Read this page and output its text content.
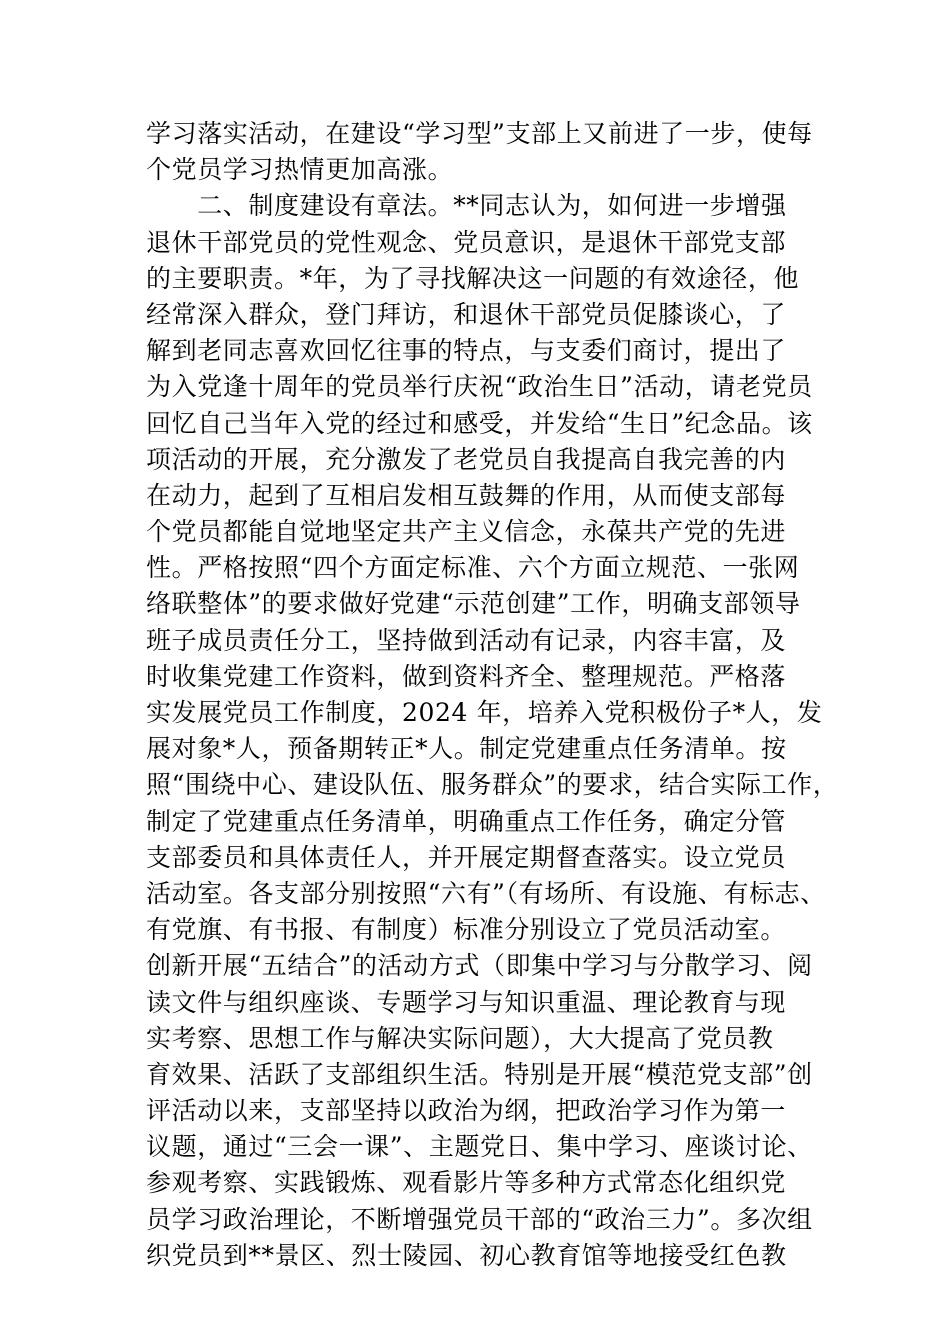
学习落实活动，在建设“学习型”支部上又前进了一步，使每
个党员学习热情更加高涨。
　　二、制度建设有章法。**同志认为，如何进一步增强
退休干部党员的党性观念、党员意识，是退休干部党支部
的主要职责。*年，为了寻找解决这一问题的有效途径，他
经常深入群众，登门拜访，和退休干部党员促膝谈心，了
解到老同志喜欢回忆往事的特点，与支委们商讨，提出了
为入党逢十周年的党员举行庆祝“政治生日”活动，请老党员
回忆自己当年入党的经过和感受，并发给“生日”纪念品。该
项活动的开展，充分激发了老党员自我提高自我完善的内
在动力，起到了互相启发相互鼓舞的作用，从而使支部每
个党员都能自觉地坚定共产主义信念，永葆共产党的先进
性。严格按照“四个方面定标准、六个方面立规范、一张网
络联整体”的要求做好党建“示范创建”工作，明确支部领导
班子成员责任分工，坚持做到活动有记录，内容丰富，及
时收集党建工作资料，做到资料齐全、整理规范。严格落
实发展党员工作制度，2024 年，培养入党积极份子*人，发
展对象*人，预备期转正*人。制定党建重点任务清单。按
照“围绕中心、建设队伍、服务群众”的要求，结合实际工作，
制定了党建重点任务清单，明确重点工作任务，确定分管
支部委员和具体责任人，并开展定期督查落实。设立党员
活动室。各支部分别按照“六有”（有场所、有设施、有标志、
有党旗、有书报、有制度）标准分别设立了党员活动室。
创新开展“五结合”的活动方式（即集中学习与分散学习、阅
读文件与组织座谈、专题学习与知识重温、理论教育与现
实考察、思想工作与解决实际问题），大大提高了党员教
育效果、活跃了支部组织生活。特别是开展“模范党支部”创
评活动以来，支部坚持以政治为纲，把政治学习作为第一
议题，通过“三会一课”、主题党日、集中学习、座谈讨论、
参观考察、实践锻炼、观看影片等多种方式常态化组织党
员学习政治理论，不断增强党员干部的“政治三力”。多次组
织党员到**景区、烈士陵园、初心教育馆等地接受红色教
